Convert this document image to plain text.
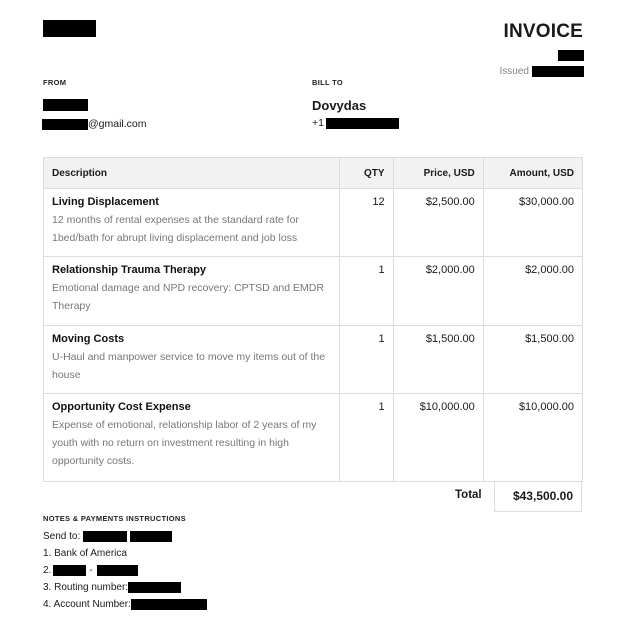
INVOICE
Issued
FROM	BILL TO
@gmail.com
Dovydas
+1
Description	QTY	Price, USD	Amount, USD

Living Displacement
12 months of rental expenses at the standard rate for 1bed/bath for abrupt living displacement and job loss	12	$2,500.00	$30,000.00

Relationship Trauma Therapy
Emotional damage and NPD recovery: CPTSD and EMDR Therapy	1	$2,000.00	$2,000.00

Moving Costs
U-Haul and manpower service to move my items out of the house	1	$1,500.00	$1,500.00

Opportunity Cost Expense
Expense of emotional, relationship labor of 2 years of my youth with no return on investment resulting in high opportunity costs.	1	$10,000.00	$10,000.00
Total	$43,500.00
NOTES & PAYMENTS INSTRUCTIONS
Send to:
1. Bank of America
2.	-
3. Routing number:
4. Account Number:
